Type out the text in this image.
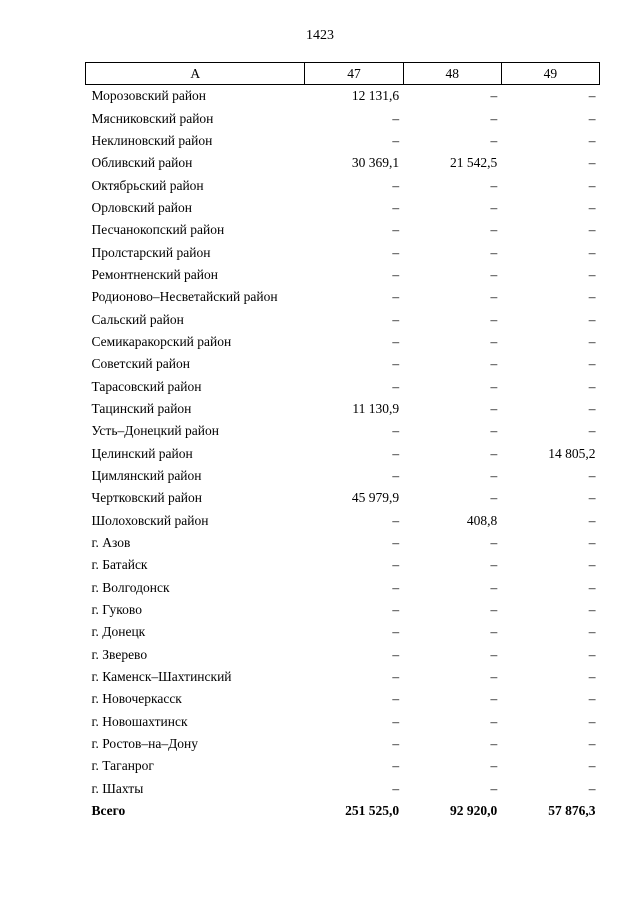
1423
А	47	48	49
Морозовский район	12 131,6	–	–
Мясниковский район	–	–	–
Неклиновский район	–	–	–
Обливский район	30 369,1	21 542,5	–
Октябрьский район	–	–	–
Орловский район	–	–	–
Песчанокопский район	–	–	–
Пролстарский район	–	–	–
Ремонтненский район	–	–	–
Родионово–Несветайский район	–	–	–
Сальский район	–	–	–
Семикаракорский район	–	–	–
Советский район	–	–	–
Тарасовский район	–	–	–
Тацинский район	11 130,9	–	–
Усть–Донецкий район	–	–	–
Целинский район	–	–	14 805,2
Цимлянский район	–	–	–
Чертковский район	45 979,9	–	–
Шолоховский район	–	408,8	–
г. Азов	–	–	–
г. Батайск	–	–	–
г. Волгодонск	–	–	–
г. Гуково	–	–	–
г. Донецк	–	–	–
г. Зверево	–	–	–
г. Каменск–Шахтинский	–	–	–
г. Новочеркасск	–	–	–
г. Новошахтинск	–	–	–
г. Ростов–на–Дону	–	–	–
г. Таганрог	–	–	–
г. Шахты	–	–	–
Всего	251 525,0	92 920,0	57 876,3
